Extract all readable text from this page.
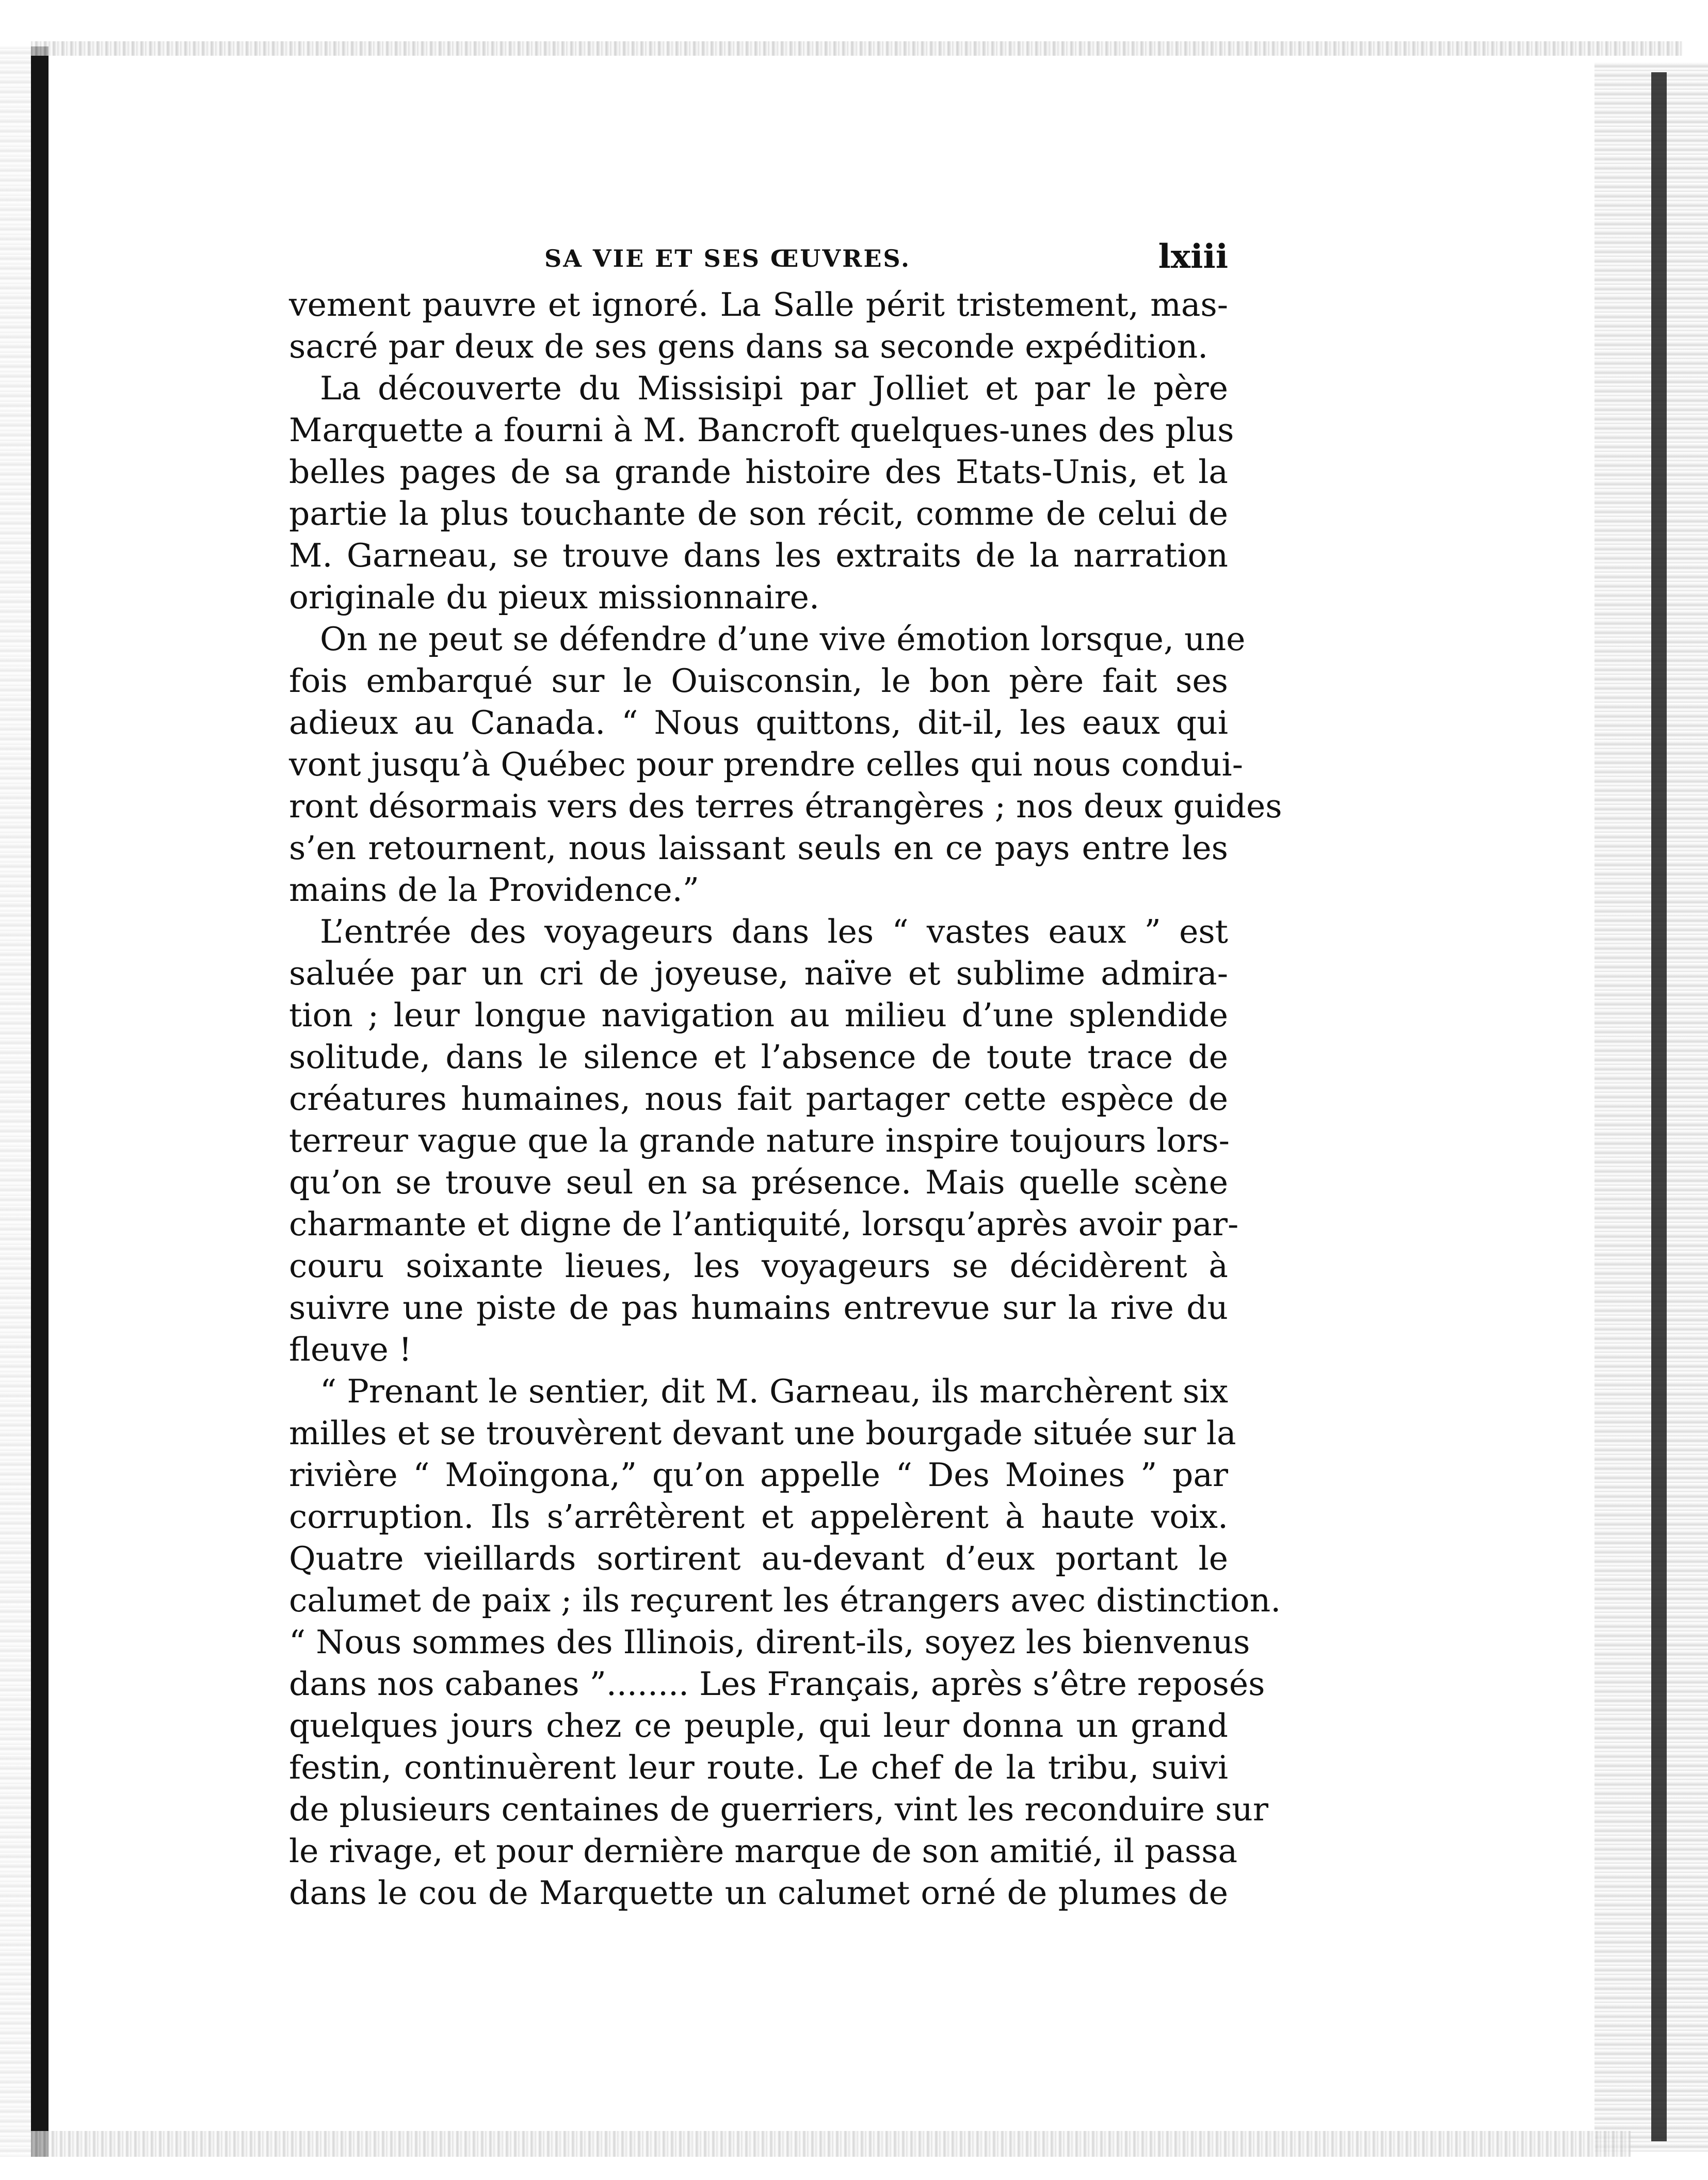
SA VIE ET SES ŒUVRES.	lxiii
vement pauvre et ignoré. La Salle périt tristement, mas-
sacré par deux de ses gens dans sa seconde expédition.
La découverte du Missisipi par Jolliet et par le père
Marquette a fourni à M. Bancroft quelques-unes des plus
belles pages de sa grande histoire des Etats-Unis, et la
partie la plus touchante de son récit, comme de celui de
M. Garneau, se trouve dans les extraits de la narration
originale du pieux missionnaire.
On ne peut se défendre d’une vive émotion lorsque, une
fois embarqué sur le Ouisconsin, le bon père fait ses
adieux au Canada. “ Nous quittons, dit-il, les eaux qui
vont jusqu’à Québec pour prendre celles qui nous condui-
ront désormais vers des terres étrangères ; nos deux guides
s’en retournent, nous laissant seuls en ce pays entre les
mains de la Providence.”
L’entrée des voyageurs dans les “ vastes eaux ” est
saluée par un cri de joyeuse, naïve et sublime admira-
tion ; leur longue navigation au milieu d’une splendide
solitude, dans le silence et l’absence de toute trace de
créatures humaines, nous fait partager cette espèce de
terreur vague que la grande nature inspire toujours lors-
qu’on se trouve seul en sa présence. Mais quelle scène
charmante et digne de l’antiquité, lorsqu’après avoir par-
couru soixante lieues, les voyageurs se décidèrent à
suivre une piste de pas humains entrevue sur la rive du
fleuve !
“ Prenant le sentier, dit M. Garneau, ils marchèrent six
milles et se trouvèrent devant une bourgade située sur la
rivière “ Moïngona,” qu’on appelle “ Des Moines ” par
corruption. Ils s’arrêtèrent et appelèrent à haute voix.
Quatre vieillards sortirent au-devant d’eux portant le
calumet de paix ; ils reçurent les étrangers avec distinction.
“ Nous sommes des Illinois, dirent-ils, soyez les bienvenus
dans nos cabanes ”........ Les Français, après s’être reposés
quelques jours chez ce peuple, qui leur donna un grand
festin, continuèrent leur route. Le chef de la tribu, suivi
de plusieurs centaines de guerriers, vint les reconduire sur
le rivage, et pour dernière marque de son amitié, il passa
dans le cou de Marquette un calumet orné de plumes de
